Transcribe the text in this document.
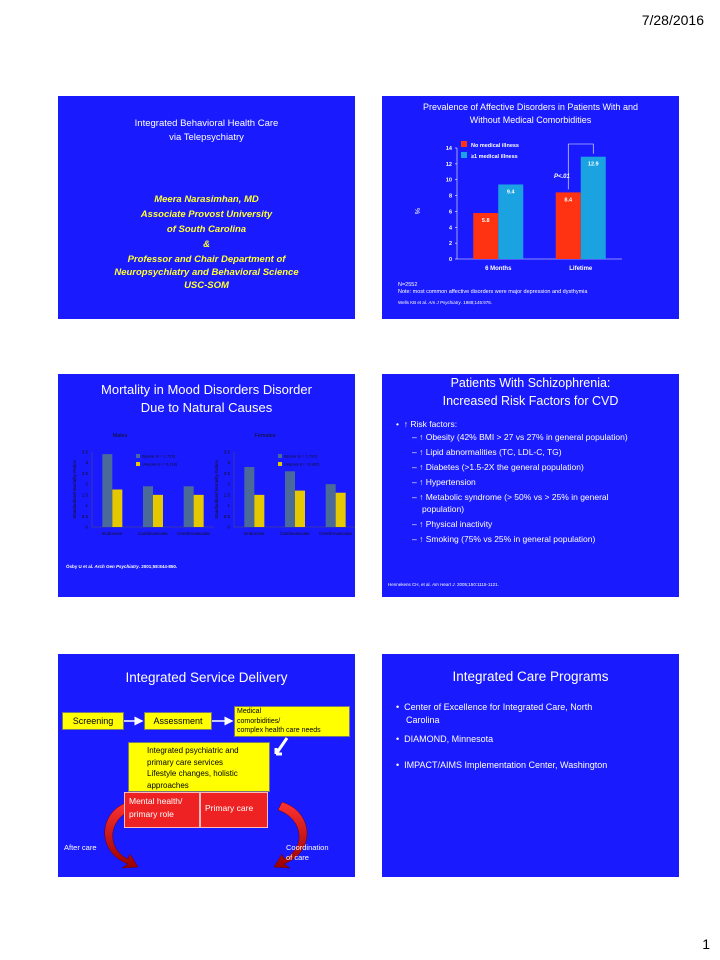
7/28/2016
Integrated Behavioral Health Care
via Telepsychiatry
Meera Narasimhan, MD
Associate Provost University
of South Carolina
&
Professor and Chair Department of
Neuropsychiatry and Behavioral Science
USC-SOM
Prevalence of Affective Disorders in Patients With and
Without Medical Comorbidities
No medical illness
≥1 medical illness
P<.01
%
0
2
4
6
8
10
12
14
5.8
9.4
6 Months
8.4
12.9
Lifetime
N=2552
Note: most common affective disorders were major depression and dysthymia
Wells KB et al. Am J Psychiatry. 1988;145:976.
Mortality in Mood Disorders Disorder
Due to Natural Causes
Males
0
0.5
1
1.5
2
2.5
3
3.5
Standardized Mortality Ratios
Endocrine	Cardiovascular Cerebrovascular
Bipolar (n = 1,715)
Unipolar (n = 6,119)
Females
0
0.5
1
1.5
2
2.5
3
3.5
Standardized Mortality Ratios
Endocrine	Cardiovascular Cerebrovascular
Bipolar (n = 1,792)
Unipolar (n = 8,882)
Ösby U et al. Arch Gen Psychiatry. 2001;58:844-850.
Patients With Schizophrenia:
Increased Risk Factors for CVD
•  ↑ Risk factors:
– ↑ Obesity (42% BMI > 27 vs 27% in general population)
– ↑ Lipid abnormalities (TC, LDL-C, TG)
– ↑ Diabetes (>1.5-2X the general population)
– ↑ Hypertension
– ↑ Metabolic syndrome (> 50% vs > 25% in general
population)
– ↑ Physical inactivity
– ↑ Smoking (75% vs 25% in general population)
Hennekens CH, et al. Am Heart J. 2005;150:1115-1121.
Integrated Service Delivery
Screening	Assessment
Medical
comorbidities/
complex health care needs
Integrated psychiatric and
primary care services
Lifestyle changes, holistic
approaches
Mental health/
primary role
Primary care
After care	Coordination
of care
Integrated Care Programs
•  Center of Excellence for Integrated Care, North
Carolina
•  DIAMOND, Minnesota
•  IMPACT/AIMS Implementation Center, Washington
1
